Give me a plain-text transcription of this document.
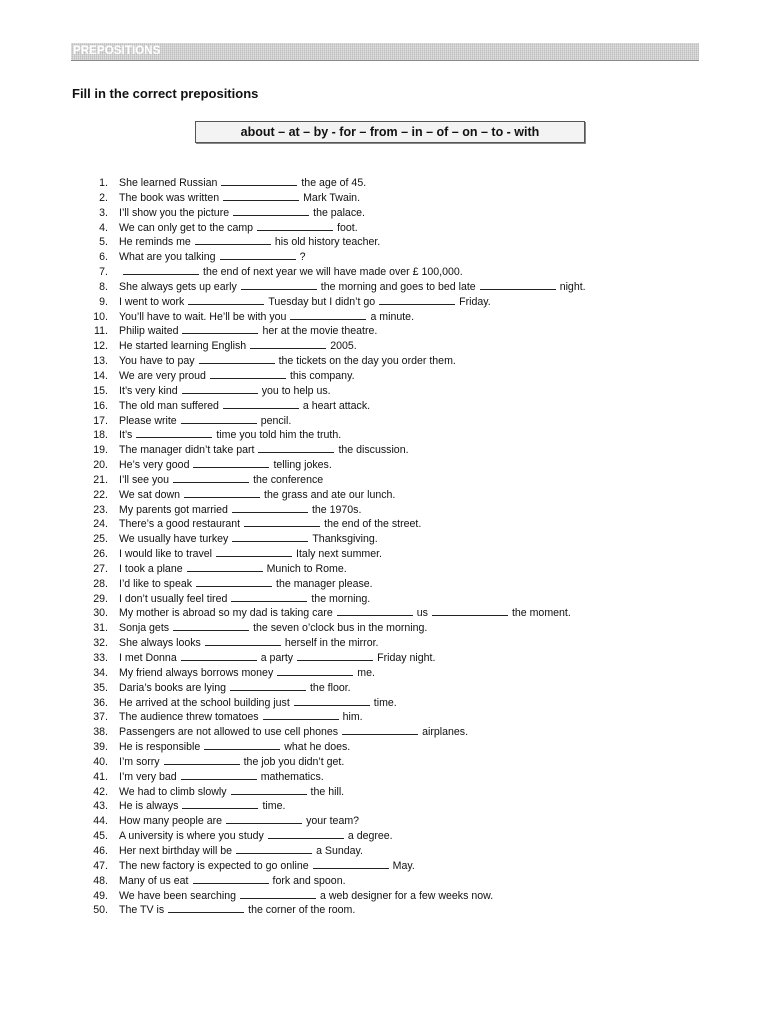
PREPOSITIONS
Fill in the correct prepositions
about – at – by - for – from – in – of – on – to - with
1. She learned Russian	the age of 45.
2. The book was written	Mark Twain.
3. I’ll show you the picture	the palace.
4. We can only get to the camp	foot.
5. He reminds me	his old history teacher.
6. What are you talking	?
7.	the end of next year we will have made over £ 100,000.
8. She always gets up early	the morning and goes to bed late	night.
9. I went to work	Tuesday but I didn’t go	Friday.
10. You’ll have to wait. He’ll be with you	a minute.
11. Philip waited	her at the movie theatre.
12. He started learning English	2005.
13. You have to pay	the tickets on the day you order them.
14. We are very proud	this company.
15. It’s very kind	you to help us.
16. The old man suffered	a heart attack.
17. Please write	pencil.
18. It’s	time you told him the truth.
19. The manager didn’t take part	the discussion.
20. He’s very good	telling jokes.
21. I’ll see you	the conference
22. We sat down	the grass and ate our lunch.
23. My parents got married	the 1970s.
24. There’s a good restaurant	the end of the street.
25. We usually have turkey	Thanksgiving.
26. I would like to travel	Italy next summer.
27. I took a plane	Munich to Rome.
28. I’d like to speak	the manager please.
29. I don’t usually feel tired	the morning.
30. My mother is abroad so my dad is taking care	us	the moment.
31. Sonja gets	the seven o’clock bus in the morning.
32. She always looks	herself in the mirror.
33. I met Donna	a party	Friday night.
34. My friend always borrows money	me.
35. Daria’s books are lying	the floor.
36. He arrived at the school building just	time.
37. The audience threw tomatoes	him.
38. Passengers are not allowed to use cell phones	airplanes.
39. He is responsible	what he does.
40. I’m sorry	the job you didn’t get.
41. I’m very bad	mathematics.
42. We had to climb slowly	the hill.
43. He is always	time.
44. How many people are	your team?
45. A university is where you study	a degree.
46. Her next birthday will be	a Sunday.
47. The new factory is expected to go online	May.
48. Many of us eat	fork and spoon.
49. We have been searching	a web designer for a few weeks now.
50. The TV is	the corner of the room.
